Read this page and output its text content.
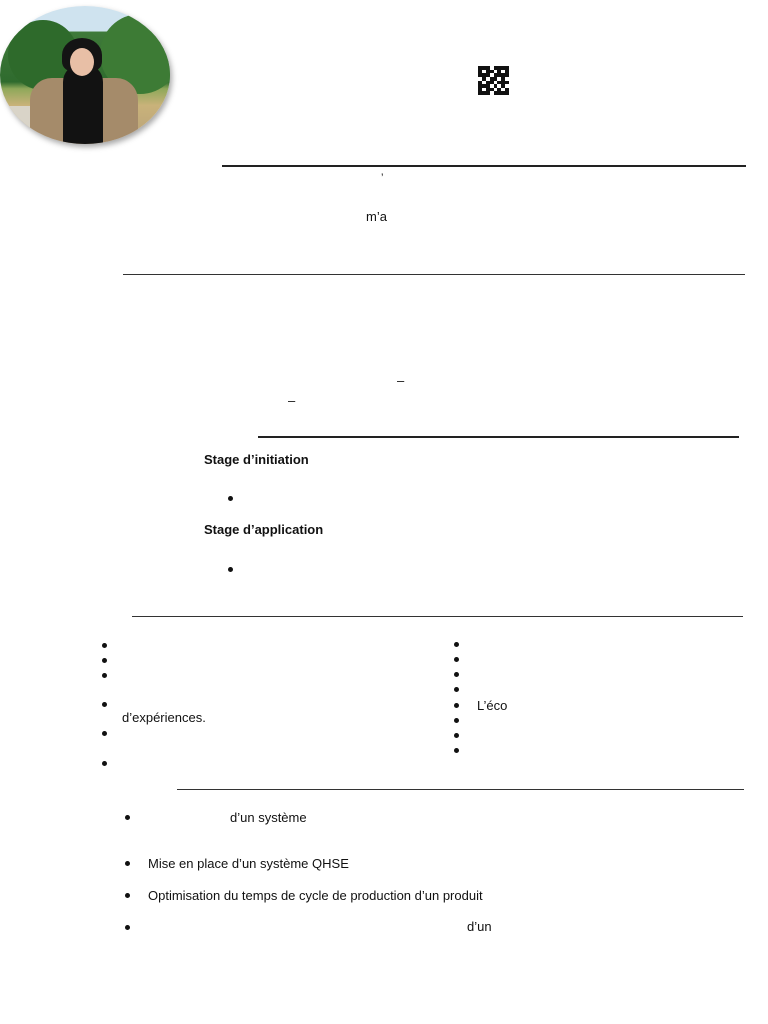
’
m’a
–
–
Stage d’initiation
Stage d’application
d’expériences.
L’éco
d’un système
Mise en place d’un système QHSE
Optimisation du temps de cycle de production d’un produit
d’un
